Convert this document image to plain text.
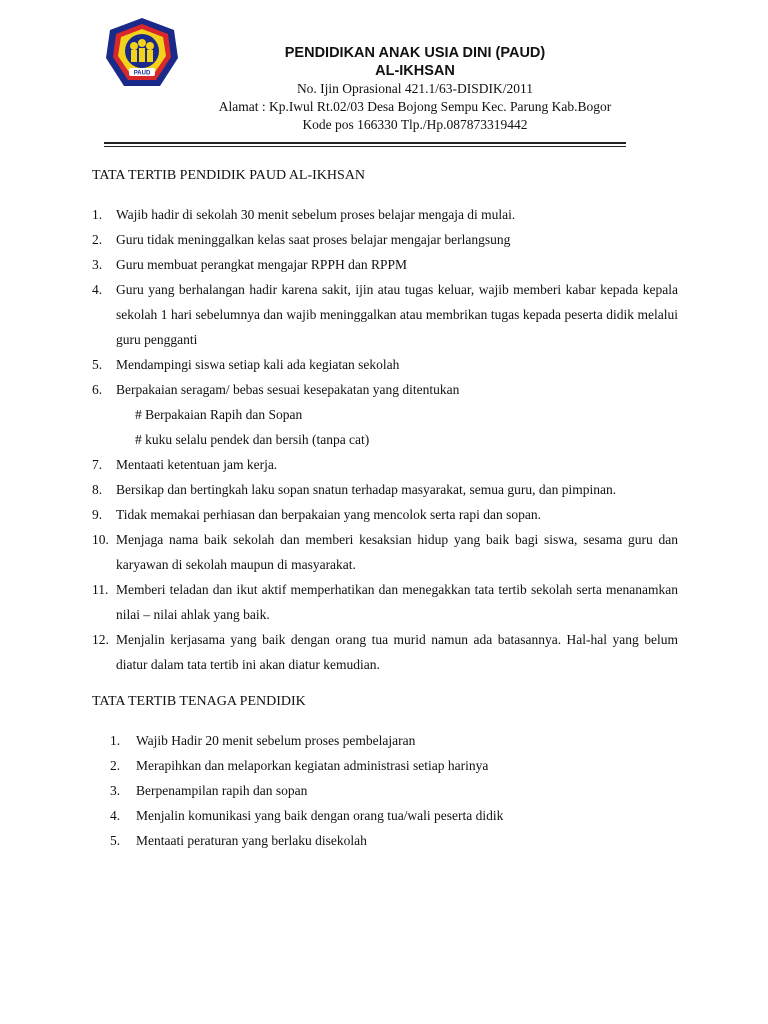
PAUD
PENDIDIKAN ANAK USIA DINI (PAUD)
AL-IKHSAN
No. Ijin Oprasional 421.1/63-DISDIK/2011
Alamat : Kp.Iwul Rt.02/03 Desa Bojong Sempu Kec. Parung Kab.Bogor
Kode pos 166330 Tlp./Hp.087873319442
TATA TERTIB PENDIDIK PAUD AL-IKHSAN
1.	Wajib hadir di sekolah 30 menit sebelum proses belajar mengaja di mulai.
2.	Guru tidak meninggalkan kelas saat proses belajar mengajar berlangsung
3.	Guru membuat perangkat mengajar RPPH dan RPPM
4.	Guru yang berhalangan hadir karena sakit, ijin atau tugas keluar, wajib memberi kabar kepada kepala sekolah 1 hari sebelumnya dan wajib meninggalkan atau membrikan tugas kepada peserta didik melalui guru pengganti
5.	Mendampingi siswa setiap kali ada kegiatan sekolah
6.	Berpakaian seragam/ bebas sesuai kesepakatan yang ditentukan
# Berpakaian Rapih dan Sopan
# kuku selalu pendek dan bersih (tanpa cat)
7.	Mentaati ketentuan jam kerja.
8.	Bersikap dan bertingkah laku sopan snatun terhadap masyarakat, semua guru, dan pimpinan.
9.	Tidak memakai perhiasan dan berpakaian yang mencolok serta rapi dan sopan.
10. Menjaga nama baik sekolah dan memberi kesaksian hidup yang baik bagi siswa, sesama guru dan karyawan di sekolah maupun di masyarakat.
11. Memberi teladan dan ikut aktif memperhatikan dan menegakkan tata tertib sekolah serta menanamkan nilai – nilai ahlak yang baik.
12. Menjalin kerjasama yang baik dengan orang tua murid namun ada batasannya. Hal-hal yang belum diatur dalam tata tertib ini akan diatur kemudian.
TATA TERTIB TENAGA PENDIDIK
1.	Wajib Hadir 20 menit sebelum proses pembelajaran
2.	Merapihkan dan melaporkan kegiatan administrasi setiap harinya
3.	Berpenampilan rapih dan sopan
4.	Menjalin komunikasi yang baik dengan orang tua/wali peserta didik
5.	Mentaati peraturan yang berlaku disekolah
